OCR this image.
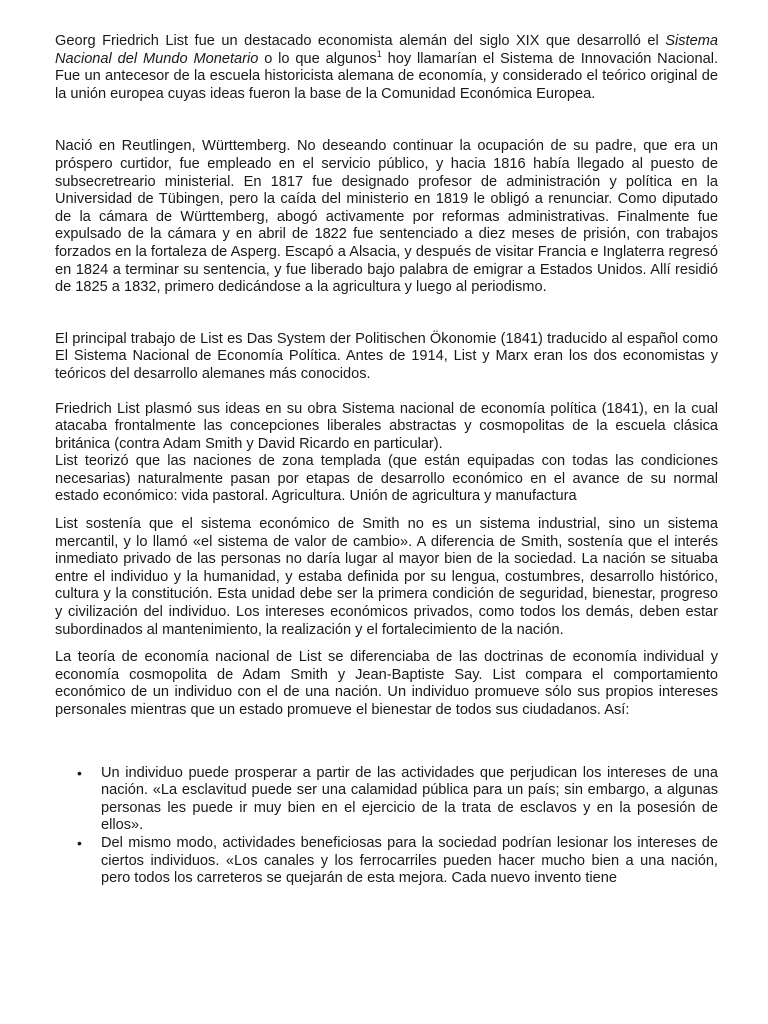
Georg Friedrich List fue un destacado economista alemán del siglo XIX que desarrolló el Sistema Nacional del Mundo Monetario o lo que algunos$^1$ hoy llamarían el Sistema de Innovación Nacional. Fue un antecesor de la escuela historicista alemana de economía, y considerado el teórico original de la unión europea cuyas ideas fueron la base de la Comunidad Económica Europea.

Nació en Reutlingen, Württemberg. No deseando continuar la ocupación de su padre, que era un próspero curtidor, fue empleado en el servicio público, y hacia 1816 había llegado al puesto de subsecretreario ministerial. En 1817 fue designado profesor de administración y política en la Universidad de Tübingen, pero la caída del ministerio en 1819 le obligó a renunciar. Como diputado de la cámara de Württemberg, abogó activamente por reformas administrativas. Finalmente fue expulsado de la cámara y en abril de 1822 fue sentenciado a diez meses de prisión, con trabajos forzados en la fortaleza de Asperg. Escapó a Alsacia, y después de visitar Francia e Inglaterra regresó en 1824 a terminar su sentencia, y fue liberado bajo palabra de emigrar a Estados Unidos. Allí residió de 1825 a 1832, primero dedicándose a la agricultura y luego al periodismo.

El principal trabajo de List es Das System der Politischen Ökonomie (1841) traducido al español como El Sistema Nacional de Economía Política. Antes de 1914, List y Marx eran los dos economistas y teóricos del desarrollo alemanes más conocidos.

Friedrich List plasmó sus ideas en su obra Sistema nacional de economía política (1841), en la cual atacaba frontalmente las concepciones liberales abstractas y cosmopolitas de la escuela clásica británica (contra Adam Smith y David Ricardo en particular).

List teorizó que las naciones de zona templada (que están equipadas con todas las condiciones necesarias) naturalmente pasan por etapas de desarrollo económico en el avance de su normal estado económico: vida pastoral. Agricultura. Unión de agricultura y manufactura

List sostenía que el sistema económico de Smith no es un sistema industrial, sino un sistema mercantil, y lo llamó «el sistema de valor de cambio». A diferencia de Smith, sostenía que el interés inmediato privado de las personas no daría lugar al mayor bien de la sociedad. La nación se situaba entre el individuo y la humanidad, y estaba definida por su lengua, costumbres, desarrollo histórico, cultura y la constitución. Esta unidad debe ser la primera condición de seguridad, bienestar, progreso y civilización del individuo. Los intereses económicos privados, como todos los demás, deben estar subordinados al mantenimiento, la realización y el fortalecimiento de la nación.

La teoría de economía nacional de List se diferenciaba de las doctrinas de economía individual y economía cosmopolita de Adam Smith y Jean-Baptiste Say. List compara el comportamiento económico de un individuo con el de una nación. Un individuo promueve sólo sus propios intereses personales mientras que un estado promueve el bienestar de todos sus ciudadanos. Así:

• Un individuo puede prosperar a partir de las actividades que perjudican los intereses de una nación. «La esclavitud puede ser una calamidad pública para un país; sin embargo, a algunas personas les puede ir muy bien en el ejercicio de la trata de esclavos y en la posesión de ellos».
• Del mismo modo, actividades beneficiosas para la sociedad podrían lesionar los intereses de ciertos individuos. «Los canales y los ferrocarriles pueden hacer mucho bien a una nación, pero todos los carreteros se quejarán de esta mejora. Cada nuevo invento tiene
